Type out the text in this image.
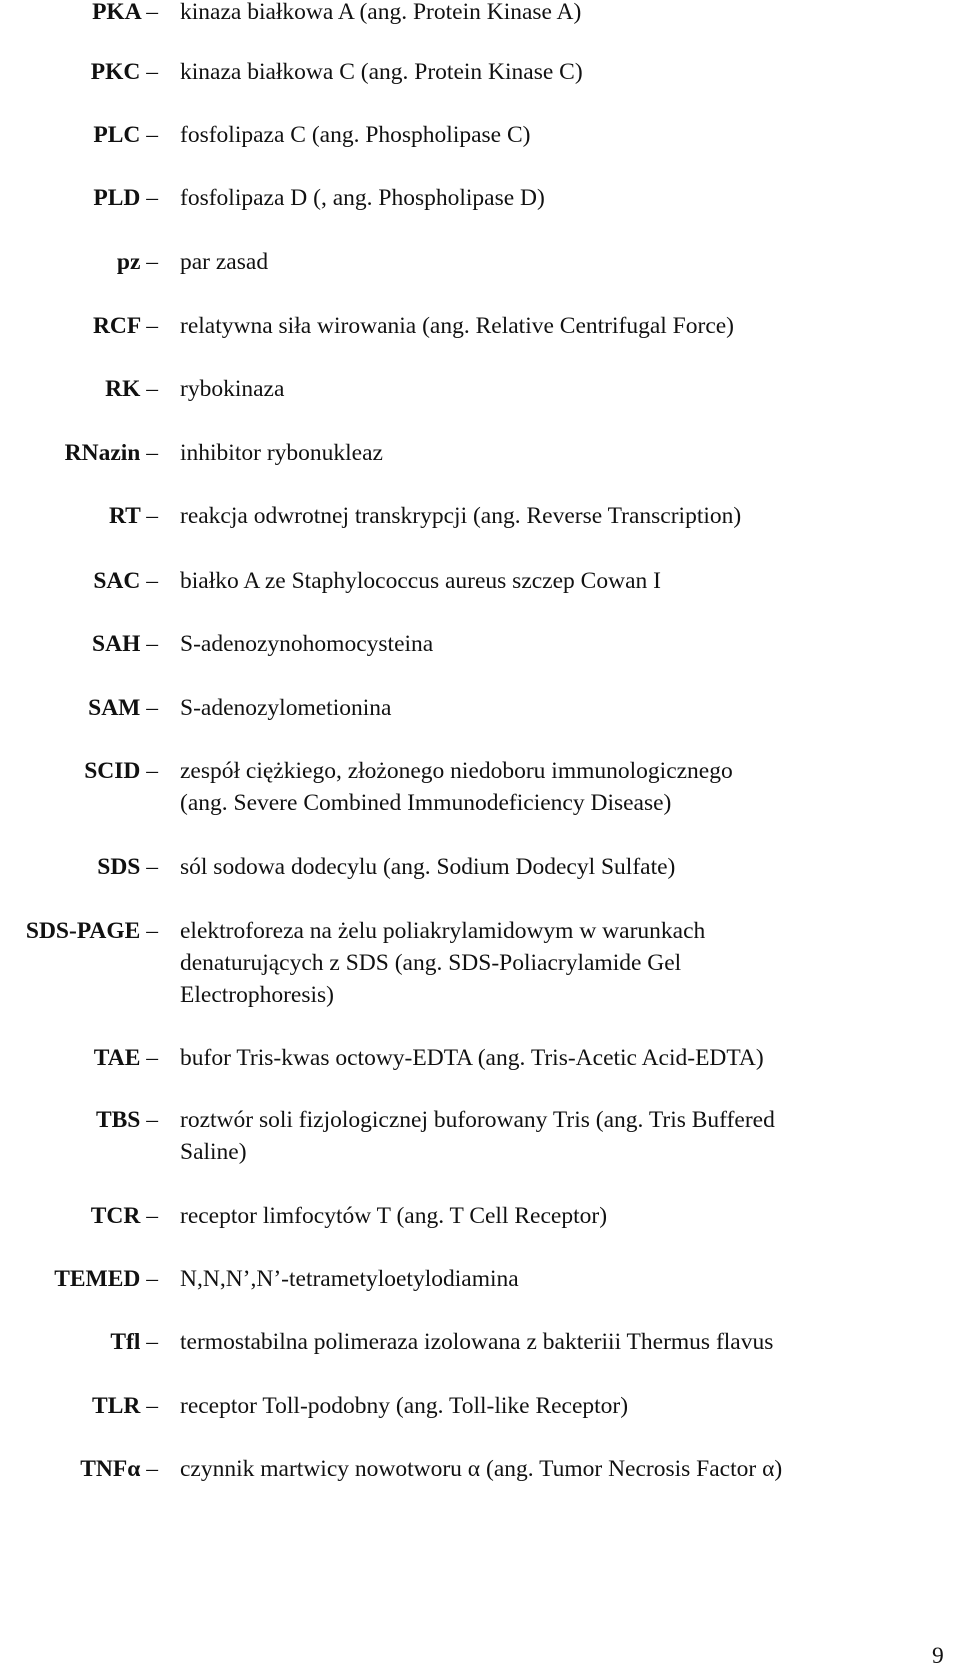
PKA – kinaza białkowa A (ang. Protein Kinase A)
PKC – kinaza białkowa C (ang. Protein Kinase C)
PLC – fosfolipaza C (ang. Phospholipase C)
PLD – fosfolipaza D (, ang. Phospholipase D)
pz – par zasad
RCF – relatywna siła wirowania (ang. Relative Centrifugal Force)
RK – rybokinaza
RNazin – inhibitor rybonukleaz
RT – reakcja odwrotnej transkrypcji (ang. Reverse Transcription)
SAC – białko A ze Staphylococcus aureus szczep Cowan I
SAH – S-adenozynohomocysteina
SAM – S-adenozylometionina
SCID – zespół ciężkiego, złożonego niedoboru immunologicznego
(ang. Severe Combined Immunodeficiency Disease)
SDS – sól sodowa dodecylu (ang. Sodium Dodecyl Sulfate)
SDS-PAGE – elektroforeza na żelu poliakrylamidowym w warunkach
denaturujących z SDS (ang. SDS-Poliacrylamide Gel
Electrophoresis)
TAE – bufor Tris-kwas octowy-EDTA (ang. Tris-Acetic Acid-EDTA)
TBS – roztwór soli fizjologicznej buforowany Tris (ang. Tris Buffered
Saline)
TCR – receptor limfocytów T (ang. T Cell Receptor)
TEMED – N,N,N’,N’-tetrametyloetylodiamina
Tfl – termostabilna polimeraza izolowana z bakteriii Thermus flavus
TLR – receptor Toll-podobny (ang. Toll-like Receptor)
TNFα – czynnik martwicy nowotworu α (ang. Tumor Necrosis Factor α)
9
